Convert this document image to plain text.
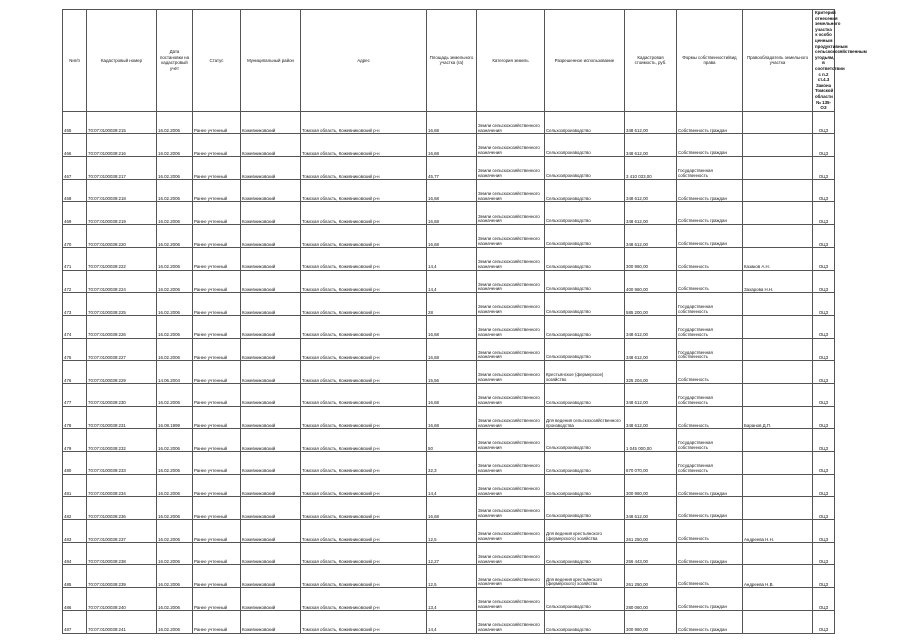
№п/п	Кадастровый номер	Дата постановки на кадастровый учёт	Статус	Муниципальный район	Адрес	Площадь земельного участка (га)	Категория земель	Разрешенное использование	Кадастровая стоимость, руб.	Формы собственности/вид права	Правообладатель земельного участка	Критерий отнесения земельного участка к особо ценным продуктивным сельскохозяйственным угодьям, в соответствии с п.2 ст.4.3 Закона Томской области № 135-ОЗ
465	70:07:0100039:215	16.02.2006	Ранее учтенный	Кожевниковский	Томская область, Кожевниковский р-н	16,68	Земли сельскохозяйственного назначения	Сельхозпроизводство	348 612,00	Собственность граждан		ОЦЗ
466	70:07:0100039:216	16.02.2006	Ранее учтенный	Кожевниковский	Томская область, Кожевниковский р-н	16,68	Земли сельскохозяйственного назначения	Сельхозпроизводство	348 612,00	Собственность граждан		ОЦЗ
467	70:07:0100039:217	16.02.2006	Ранее учтенный	Кожевниковский	Томская область, Кожевниковский р-н	45,77	Земли сельскохозяйственного назначения	Сельхозпроизводство	3 410 033,00	Государственная собственность		ОЦЗ
468	70:07:0100039:218	16.02.2006	Ранее учтенный	Кожевниковский	Томская область, Кожевниковский р-н	16,68	Земли сельскохозяйственного назначения	Сельхозпроизводство	348 612,00	Собственность граждан		ОЦЗ
469	70:07:0100039:219	16.02.2006	Ранее учтенный	Кожевниковский	Томская область, Кожевниковский р-н	16,68	Земли сельскохозяйственного назначения	Сельхозпроизводство	348 612,00	Собственность граждан		ОЦЗ
470	70:07:0100039:220	16.02.2006	Ранее учтенный	Кожевниковский	Томская область, Кожевниковский р-н	16,68	Земли сельскохозяйственного назначения	Сельхозпроизводство	348 612,00	Собственность граждан		ОЦЗ
471	70:07:0100039:222	16.02.2006	Ранее учтенный	Кожевниковский	Томская область, Кожевниковский р-н	14,4	Земли сельскохозяйственного назначения	Сельхозпроизводство	300 960,00	Собственность	Казаков А.Н.	ОЦЗ
472	70:07:0100039:224	16.02.2006	Ранее учтенный	Кожевниковский	Томская область, Кожевниковский р-н	14,4	Земли сельскохозяйственного назначения	Сельхозпроизводство	400 960,00	Собственность	Захарова Н.Н.	ОЦЗ
473	70:07:0100039:225	16.02.2006	Ранее учтенный	Кожевниковский	Томская область, Кожевниковский р-н	28	Земли сельскохозяйственного назначения	Сельхозпроизводство	585 200,00	Государственная собственность		ОЦЗ
474	70:07:0100039:226	16.02.2006	Ранее учтенный	Кожевниковский	Томская область, Кожевниковский р-н	16,68	Земли сельскохозяйственного назначения	Сельхозпроизводство	348 612,00	Государственная собственность		ОЦЗ
475	70:07:0100039:227	16.02.2006	Ранее учтенный	Кожевниковский	Томская область, Кожевниковский р-н	16,68	Земли сельскохозяйственного назначения	Сельхозпроизводство	348 612,00	Государственная собственность		ОЦЗ
476	70:07:0100039:229	14.06.2004	Ранее учтенный	Кожевниковский	Томская область, Кожевниковский р-н	15,56	Земли сельскохозяйственного назначения	Крестьянское (фермерское) хозяйство	325 204,00	Собственность		ОЦЗ
477	70:07:0100039:230	16.02.2006	Ранее учтенный	Кожевниковский	Томская область, Кожевниковский р-н	16,68	Земли сельскохозяйственного назначения	Сельхозпроизводство	348 612,00	Государственная собственность		ОЦЗ
478	70:07:0100039:231	16.08.1999	Ранее учтенный	Кожевниковский	Томская область, Кожевниковский р-н	16,68	Земли сельскохозяйственного назначения	Для ведения сельскохозяйственного производства	348 612,00	Собственность	Баранов Д.П.	ОЦЗ
479	70:07:0100039:232	16.02.2006	Ранее учтенный	Кожевниковский	Томская область, Кожевниковский р-н	50	Земли сельскохозяйственного назначения	Сельхозпроизводство	1 045 000,00	Государственная собственность		ОЦЗ
480	70:07:0100039:233	16.02.2006	Ранее учтенный	Кожевниковский	Томская область, Кожевниковский р-н	32,3	Земли сельскохозяйственного назначения	Сельхозпроизводство	670 070,00	Государственная собственность		ОЦЗ
481	70:07:0100039:234	16.02.2006	Ранее учтенный	Кожевниковский	Томская область, Кожевниковский р-н	14,4	Земли сельскохозяйственного назначения	Сельхозпроизводство	300 960,00	Собственность граждан		ОЦЗ
482	70:07:0100039:236	16.02.2006	Ранее учтенный	Кожевниковский	Томская область, Кожевниковский р-н	16,68	Земли сельскохозяйственного назначения	Сельхозпроизводство	348 612,00	Собственность граждан		ОЦЗ
483	70:07:0100039:237	16.02.2006	Ранее учтенный	Кожевниковский	Томская область, Кожевниковский р-н	12,5	Земли сельскохозяйственного назначения	Для ведения крестьянского (фермерского) хозяйства	261 250,00	Собственность	Андреева Н.Н.	ОЦЗ
484	70:07:0100039:238	16.02.2006	Ранее учтенный	Кожевниковский	Томская область, Кожевниковский р-н	12,27	Земли сельскохозяйственного назначения	Сельхозпроизводство	256 443,00	Собственность граждан		ОЦЗ
485	70:07:0100039:239	16.02.2006	Ранее учтенный	Кожевниковский	Томская область, Кожевниковский р-н	12,5	Земли сельскохозяйственного назначения	Для ведения крестьянского (фермерского) хозяйства	261 250,00	Собственность	Андреева Н.В.	ОЦЗ
486	70:07:0100039:240	16.02.2006	Ранее учтенный	Кожевниковский	Томская область, Кожевниковский р-н	13,4	Земли сельскохозяйственного назначения	Сельхозпроизводство	280 060,00	Собственность граждан		ОЦЗ
487	70:07:0100039:241	16.02.2006	Ранее учтенный	Кожевниковский	Томская область, Кожевниковский р-н	14,4	Земли сельскохозяйственного назначения	Сельхозпроизводство	300 960,00	Собственность граждан		ОЦЗ
